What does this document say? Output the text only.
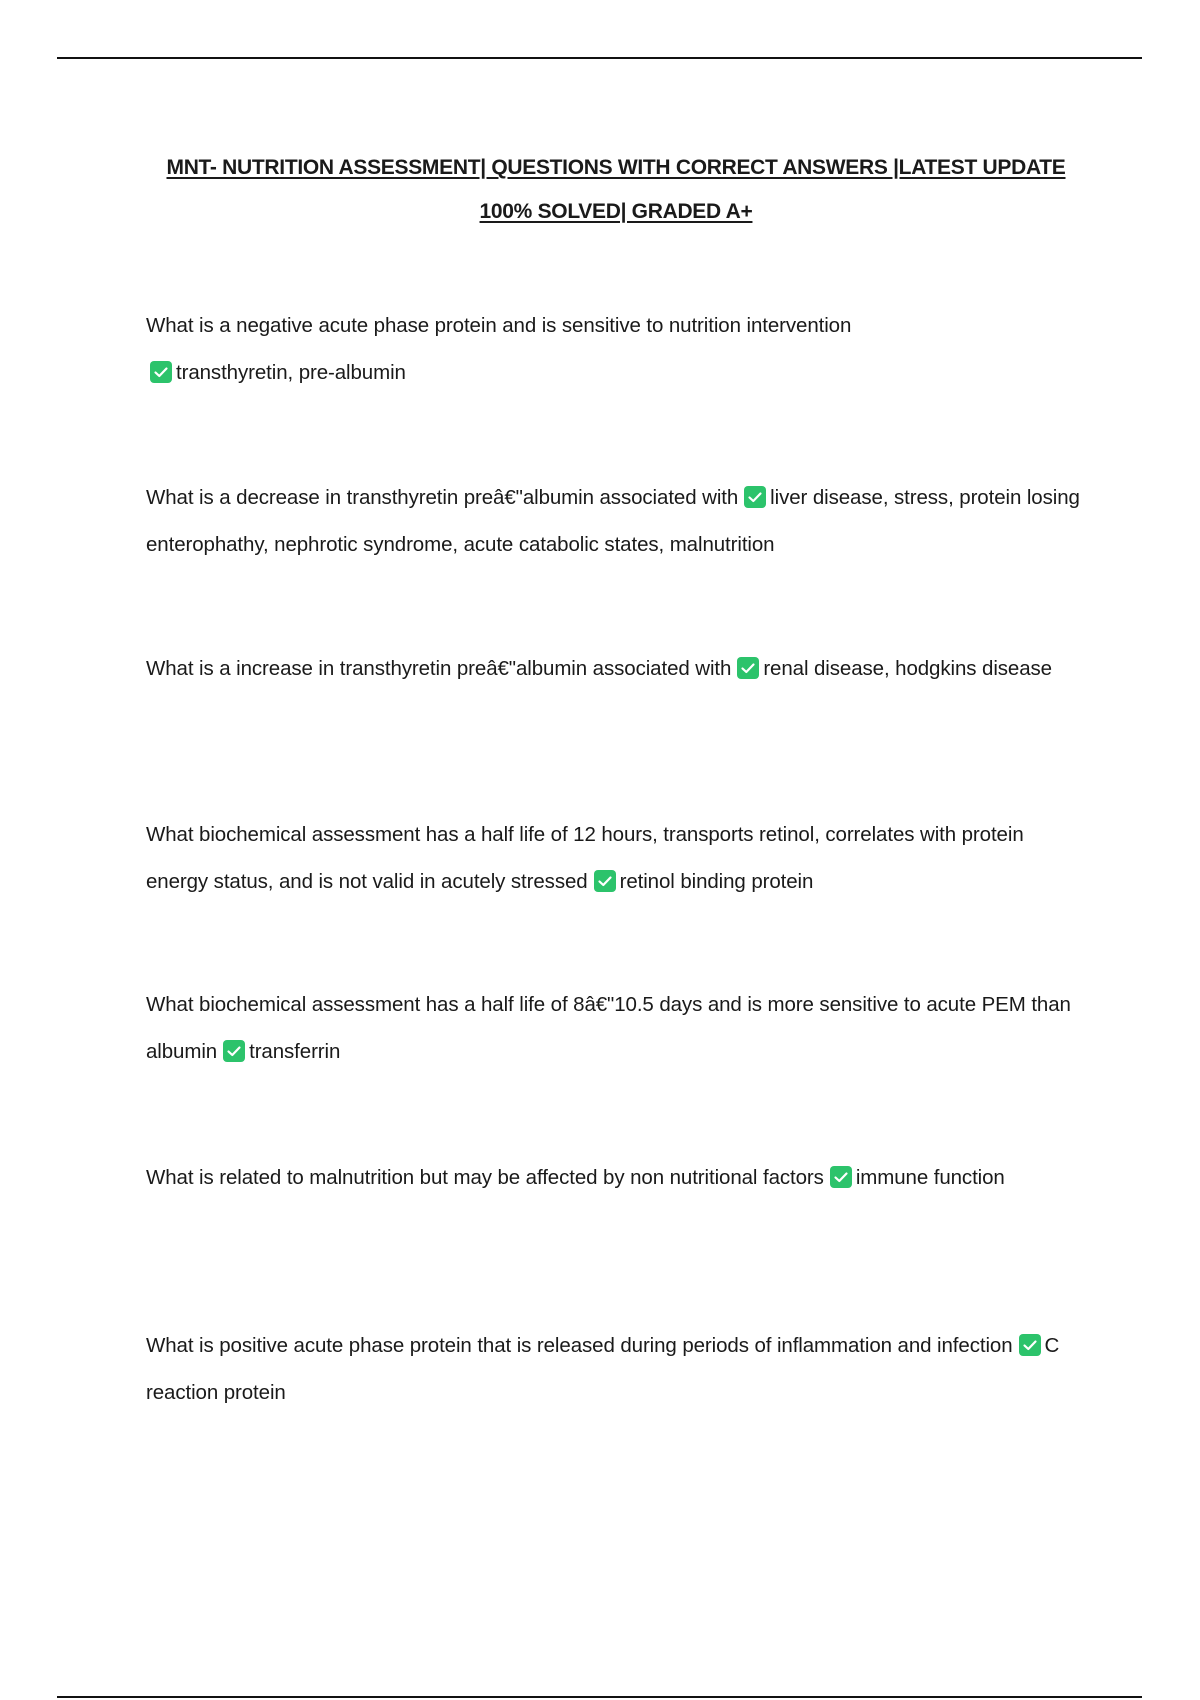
MNT- NUTRITION ASSESSMENT| QUESTIONS WITH CORRECT ANSWERS |LATEST UPDATE
100% SOLVED| GRADED A+
What is a negative acute phase protein and is sensitive to nutrition intervention

transthyretin, pre-albumin
What is a decrease in transthyretin preâ€"albumin associated with liver disease, stress, protein losing enterophathy, nephrotic syndrome, acute catabolic states, malnutrition
What is a increase in transthyretin preâ€"albumin associated with renal disease, hodgkins disease
What biochemical assessment has a half life of 12 hours, transports retinol, correlates with protein energy status, and is not valid in acutely stressed retinol binding protein
What biochemical assessment has a half life of 8â€"10.5 days and is more sensitive to acute PEM than albumin transferrin
What is related to malnutrition but may be affected by non nutritional factors immune function
What is positive acute phase protein that is released during periods of inflammation and infection C reaction protein
